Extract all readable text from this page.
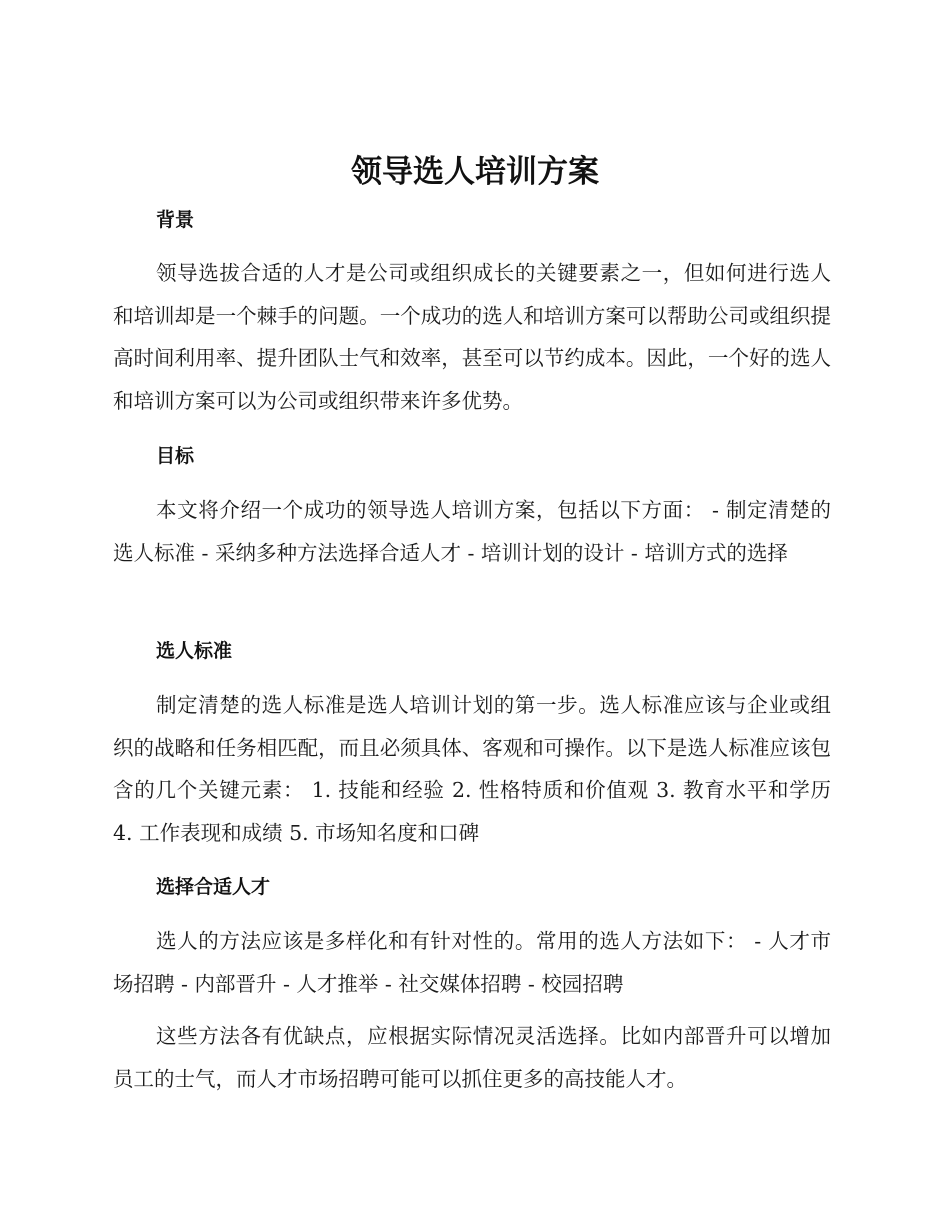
领导选人培训方案
背景
领导选拔合适的人才是公司或组织成长的关键要素之一，但如何进行选人和培训却是一个棘手的问题。一个成功的选人和培训方案可以帮助公司或组织提高时间利用率、提升团队士气和效率，甚至可以节约成本。因此，一个好的选人和培训方案可以为公司或组织带来许多优势。
目标
本文将介绍一个成功的领导选人培训方案，包括以下方面： - 制定清楚的选人标准 - 采纳多种方法选择合适人才 - 培训计划的设计 - 培训方式的选择
选人标准
制定清楚的选人标准是选人培训计划的第一步。选人标准应该与企业或组织的战略和任务相匹配，而且必须具体、客观和可操作。以下是选人标准应该包含的几个关键元素： 1. 技能和经验 2. 性格特质和价值观 3. 教育水平和学历 4. 工作表现和成绩 5. 市场知名度和口碑
选择合适人才
选人的方法应该是多样化和有针对性的。常用的选人方法如下： - 人才市场招聘 - 内部晋升 - 人才推举 - 社交媒体招聘 - 校园招聘
这些方法各有优缺点，应根据实际情况灵活选择。比如内部晋升可以增加员工的士气，而人才市场招聘可能可以抓住更多的高技能人才。
